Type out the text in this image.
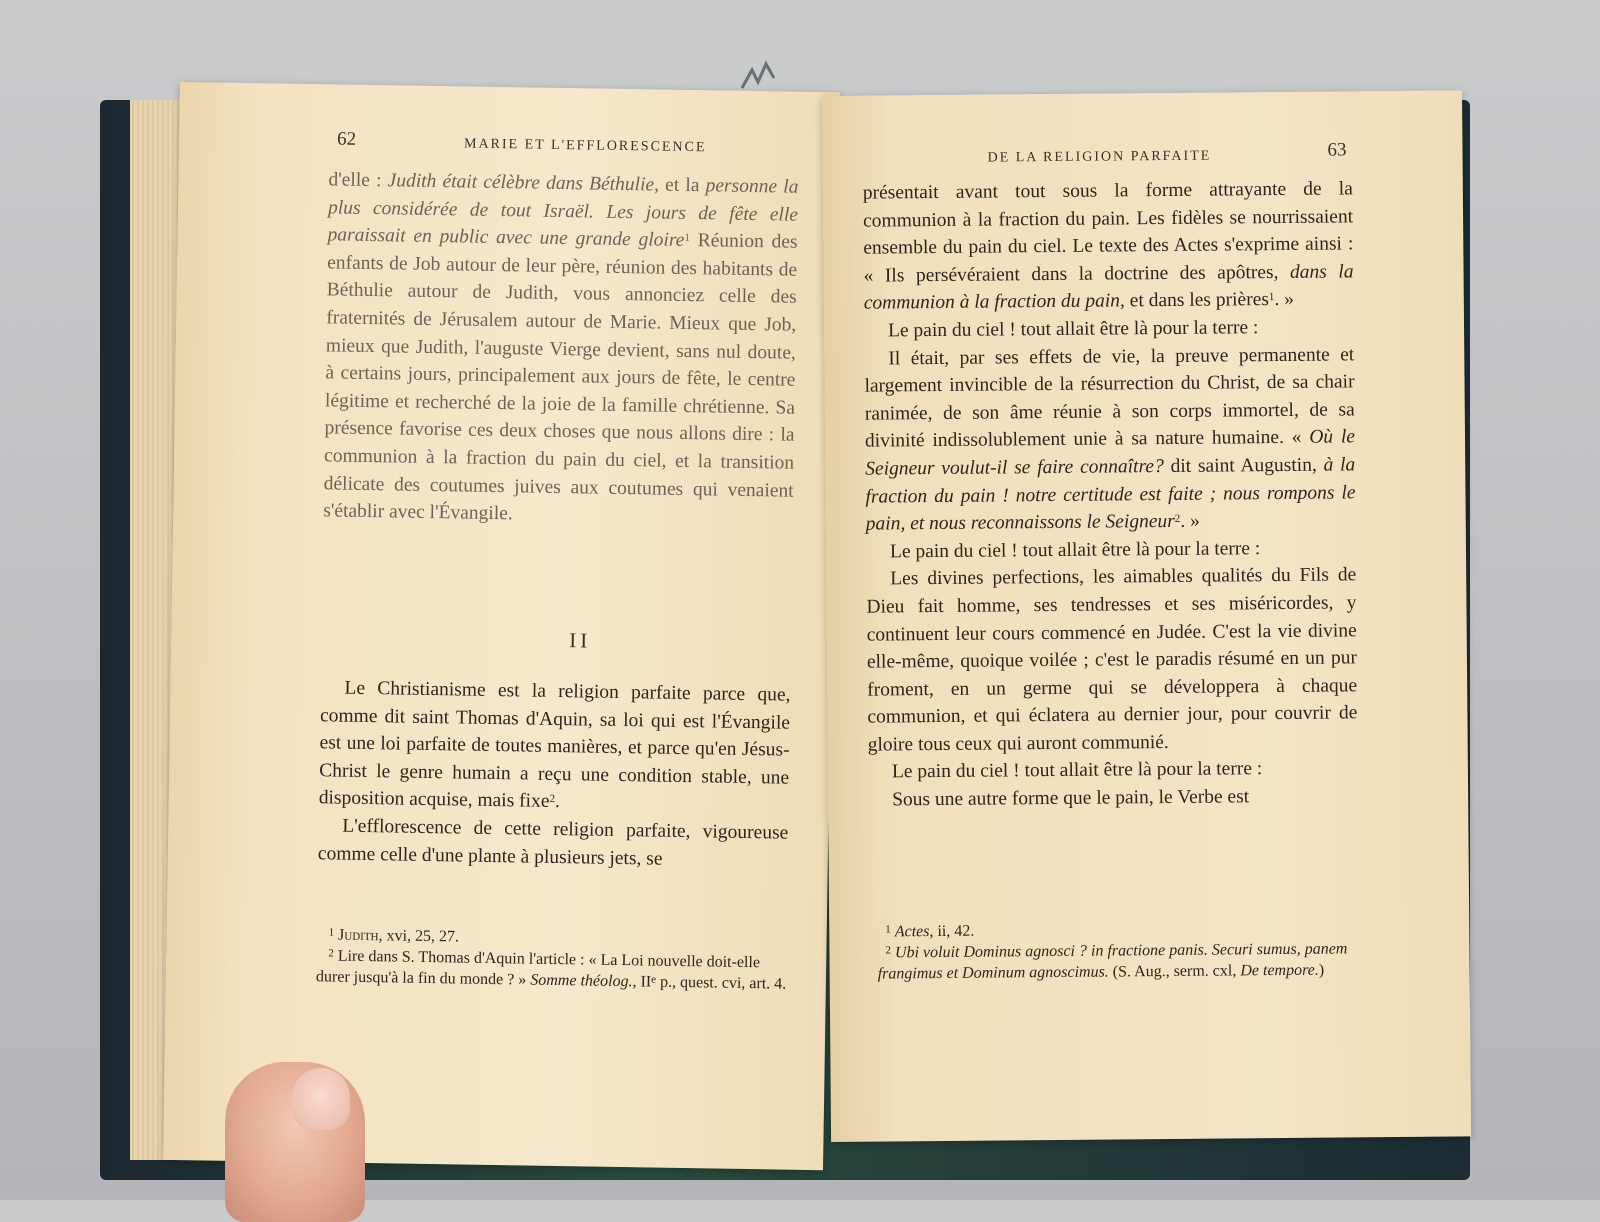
62	MARIE ET L'EFFLORESCENCE

d'elle : Judith était célèbre dans Béthulie, et la personne la plus considérée de tout Israël. Les jours de fête elle paraissait en public avec une grande gloire$^1$ Réunion des enfants de Job autour de leur père, réunion des habitants de Béthulie autour de Judith, vous annonciez celle des fraternités de Jérusalem autour de Marie. Mieux que Job, mieux que Judith, l'auguste Vierge devient, sans nul doute, à certains jours, principalement aux jours de fête, le centre légitime et recherché de la joie de la famille chrétienne. Sa présence favorise ces deux choses que nous allons dire : la communion à la fraction du pain du ciel, et la transition délicate des coutumes juives aux coutumes qui venaient s'établir avec l'Évangile.

II

Le Christianisme est la religion parfaite parce que, comme dit saint Thomas d'Aquin, sa loi qui est l'Évangile est une loi parfaite de toutes manières, et parce qu'en Jésus-Christ le genre humain a reçu une condition stable, une disposition acquise, mais fixe$^2$.

L'efflorescence de cette religion parfaite, vigoureuse comme celle d'une plante à plusieurs jets, se

$^1$ Judith, xvi, 25, 27.
$^2$ Lire dans S. Thomas d'Aquin l'article : « La Loi nouvelle doit-elle durer jusqu'à la fin du monde ? » Somme théolog., IIe p., quest. cvi, art. 4.
DE LA RELIGION PARFAITE	63

présentait avant tout sous la forme attrayante de la communion à la fraction du pain. Les fidèles se nourrissaient ensemble du pain du ciel. Le texte des Actes s'exprime ainsi : « Ils persévéraient dans la doctrine des apôtres, dans la communion à la fraction du pain, et dans les prières$^1$. »

Le pain du ciel ! tout allait être là pour la terre :

Il était, par ses effets de vie, la preuve permanente et largement invincible de la résurrection du Christ, de sa chair ranimée, de son âme réunie à son corps immortel, de sa divinité indissolublement unie à sa nature humaine. « Où le Seigneur voulut-il se faire connaître? dit saint Augustin, à la fraction du pain ! notre certitude est faite ; nous rompons le pain, et nous reconnaissons le Seigneur$^2$. »

Le pain du ciel ! tout allait être là pour la terre :

Les divines perfections, les aimables qualités du Fils de Dieu fait homme, ses tendresses et ses miséricordes, y continuent leur cours commencé en Judée. C'est la vie divine elle-même, quoique voilée ; c'est le paradis résumé en un pur froment, en un germe qui se développera à chaque communion, et qui éclatera au dernier jour, pour couvrir de gloire tous ceux qui auront communié.

Le pain du ciel ! tout allait être là pour la terre :

Sous une autre forme que le pain, le Verbe est

$^1$ Actes, ii, 42.
$^2$ Ubi voluit Dominus agnosci ? in fractione panis. Securi sumus, panem frangimus et Dominum agnoscimus. (S. Aug., serm. cxl, De tempore.)
